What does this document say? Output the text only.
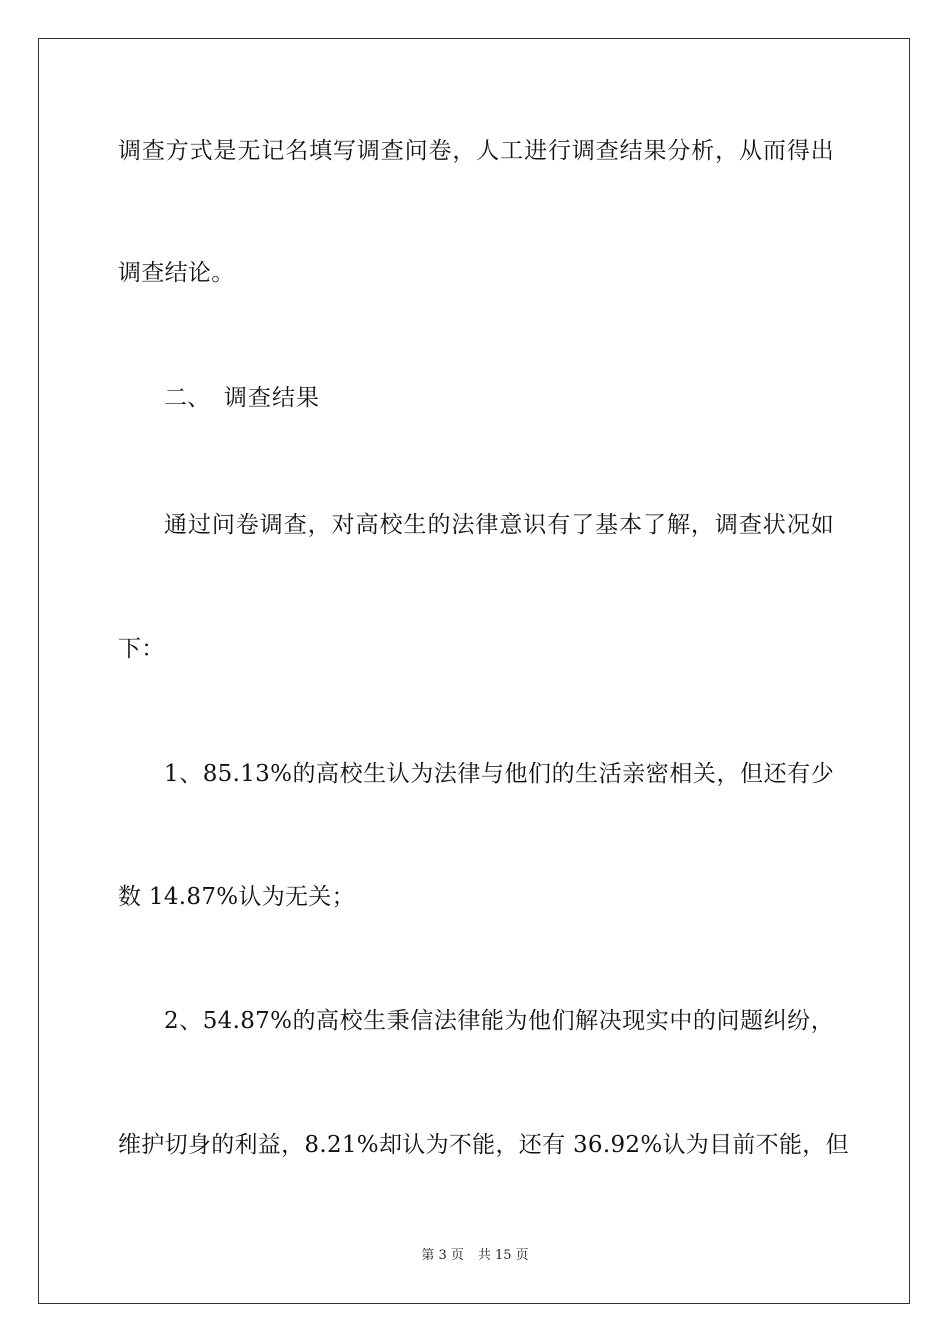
调查方式是无记名填写调查问卷，人工进行调查结果分析，从而得出
调查结论。
二、 调查结果
通过问卷调查，对高校生的法律意识有了基本了解，调查状况如
下：
1、85.13%的高校生认为法律与他们的生活亲密相关，但还有少
数 14.87%认为无关；
2、54.87%的高校生秉信法律能为他们解决现实中的问题纠纷，
维护切身的利益，8.21%却认为不能，还有 36.92%认为目前不能，但
第 3 页 共 15 页
